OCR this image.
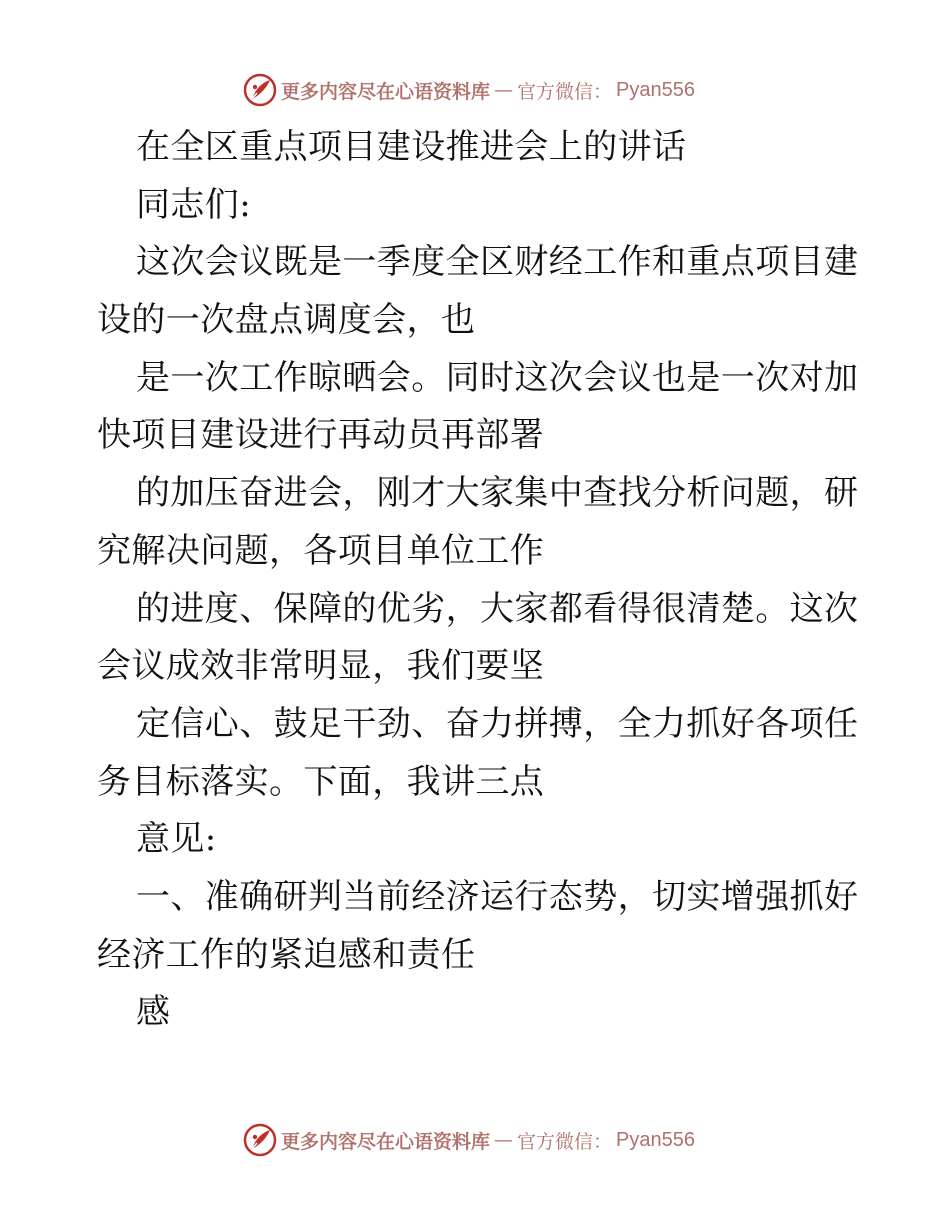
更多内容尽在心语资料库 — 官方微信： Pyan556
在全区重点项目建设推进会上的讲话
同志们:
这次会议既是一季度全区财经工作和重点项目建
设的一次盘点调度会，也
是一次工作晾晒会。同时这次会议也是一次对加
快项目建设进行再动员再部署
的加压奋进会，刚才大家集中查找分析问题，研
究解决问题，各项目单位工作
的进度、保障的优劣，大家都看得很清楚。这次
会议成效非常明显，我们要坚
定信心、鼓足干劲、奋力拼搏，全力抓好各项任
务目标落实。下面，我讲三点
意见:
一、准确研判当前经济运行态势，切实增强抓好
经济工作的紧迫感和责任
感
更多内容尽在心语资料库 — 官方微信： Pyan556
